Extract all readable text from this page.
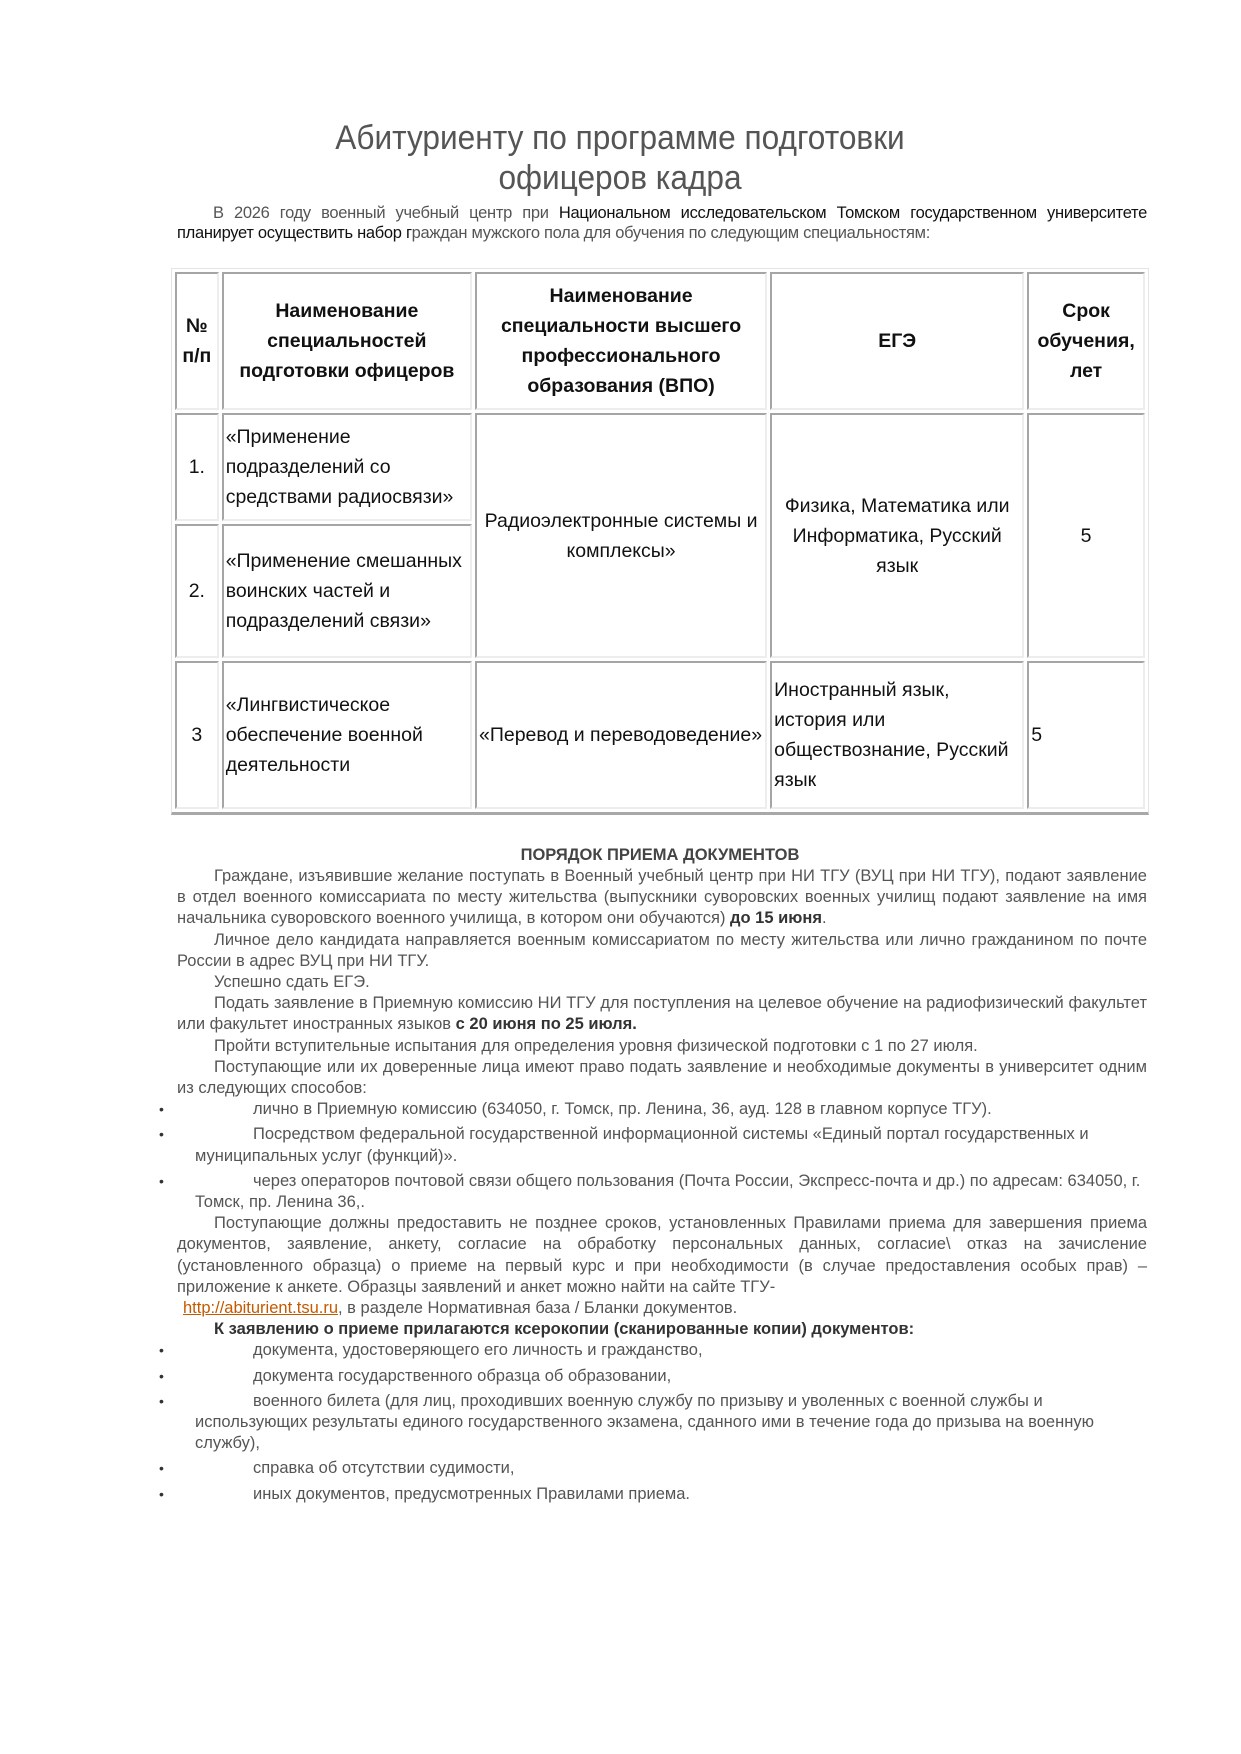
Абитуриенту по программе подготовки
офицеров кадра
В 2026 году военный учебный центр при Национальном исследовательском Томском государственном университете планирует осуществить набор граждан мужского пола для обучения по следующим специальностям:
№ п/п	Наименование специальностей подготовки офицеров	Наименование специальности высшего профессионального образования (ВПО)	ЕГЭ	Срок обучения, лет
1.	«Применение подразделений со средствами радиосвязи»	Радиоэлектронные системы и комплексы»	Физика, Математика или Информатика, Русский язык	5
2.	«Применение смешанных воинских частей и подразделений связи»			
3	«Лингвистическое обеспечение военной деятельности	«Перевод и переводоведение»	Иностранный язык, история или обществознание, Русский язык	5
ПОРЯДОК ПРИЕМА ДОКУМЕНТОВ

Граждане, изъявившие желание поступать в Военный учебный центр при НИ ТГУ (ВУЦ при НИ ТГУ), подают заявление в отдел военного комиссариата по месту жительства (выпускники суворовских военных училищ подают заявление на имя начальника суворовского военного училища, в котором они обучаются) до 15 июня.

Личное дело кандидата направляется военным комиссариатом по месту жительства или лично гражданином по почте России в адрес ВУЦ при НИ ТГУ.

Успешно сдать ЕГЭ.

Подать заявление в Приемную комиссию НИ ТГУ для поступления на целевое обучение на радиофизический факультет или факультет иностранных языков с 20 июня по 25 июля.

Пройти вступительные испытания для определения уровня физической подготовки с 1 по 27 июля.

Поступающие или их доверенные лица имеют право подать заявление и необходимые документы в университет одним из следующих способов:

•	лично в Приемную комиссию (634050, г. Томск, пр. Ленина, 36, ауд. 128 в главном корпусе ТГУ).
•	Посредством федеральной государственной информационной системы «Единый портал государственных и муниципальных услуг (функций)».
•	через операторов почтовой связи общего пользования (Почта России, Экспресс-почта и др.) по адресам: 634050, г. Томск, пр. Ленина 36,.

Поступающие должны предоставить не позднее сроков, установленных Правилами приема для завершения приема документов, заявление, анкету, согласие на обработку персональных данных, согласие\ отказ на зачисление (установленного образца) о приеме на первый курс и при необходимости (в случае предоставления особых прав) – приложение к анкете. Образцы заявлений и анкет можно найти на сайте ТГУ-
http://abiturient.tsu.ru, в разделе Нормативная база / Бланки документов.

К заявлению о приеме прилагаются ксерокопии (сканированные копии) документов:

•	документа, удостоверяющего его личность и гражданство,
•	документа государственного образца об образовании,
•	военного билета (для лиц, проходивших военную службу по призыву и уволенных с военной службы и использующих результаты единого государственного экзамена, сданного ими в течение года до призыва на военную службу),
•	справка об отсутствии судимости,
•	иных документов, предусмотренных Правилами приема.
